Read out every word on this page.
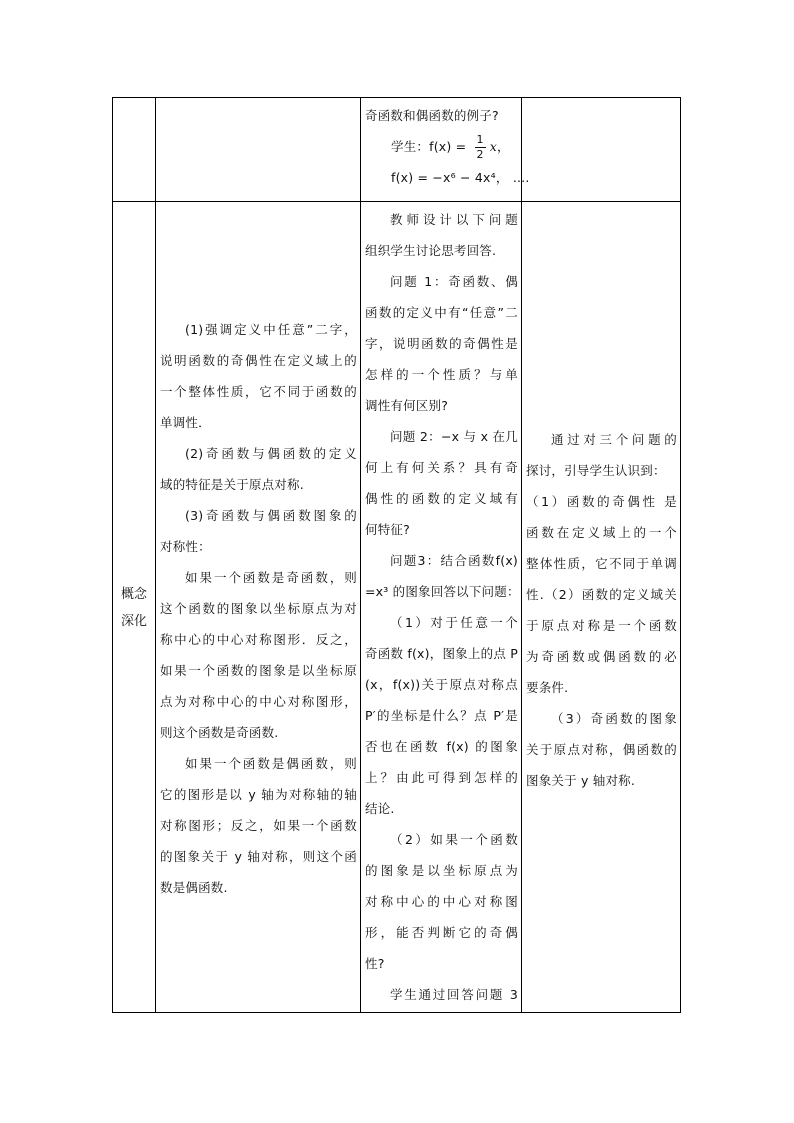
奇函数和偶函数的例子?

学生：$f(x) = \frac{1}{2}$ x，

f(x) = −x⁶ − 4x⁴， ….

概念
深化

(1)强调定义中任意”二字，

说明函数的奇偶性在定义域上的

一个整体性质，它不同于函数的

单调性．

(2)奇函数与偶函数的定义

域的特征是关于原点对称.

(3)奇函数与偶函数图象的

对称性：

如果一个函数是奇函数，则

这个函数的图象以坐标原点为对

称中心的中心对称图形．反之，

如果一个函数的图象是以坐标原

点为对称中心的中心对称图形，

则这个函数是奇函数.

如果一个函数是偶函数，则

它的图形是以 y 轴为对称轴的轴

对称图形；反之，如果一个函数

的图象关于 y 轴对称，则这个函

数是偶函数.

教师设计以下问题

组织学生讨论思考回答.

问题 1：奇函数、偶

函数的定义中有“任意”二

字，说明函数的奇偶性是

怎样的一个性质？与单

调性有何区别?

问题 2：−x 与 x 在几

何上有何关系？具有奇

偶性的函数的定义域有

何特征?

问题3：结合函数f(x)

=x³ 的图象回答以下问题：

（1）对于任意一个

奇函数 f(x)，图象上的点 P

(x，f(x))关于原点对称点

P′的坐标是什么？点 P′是

否也在函数 f(x) 的图象

上？由此可得到怎样的

结论.

（2）如果一个函数

的图象是以坐标原点为

对称中心的中心对称图

形，能否判断它的奇偶

性?

学生通过回答问题 3

通过对三个问题的

探讨，引导学生认识到：

（1）函数的奇偶性 是

函数在定义域上的一个

整体性质，它不同于单调

性.（2）函数的定义域关

于原点对称是一个函数

为奇函数或偶函数的必

要条件.

（3）奇函数的图象

关于原点对称，偶函数的

图象关于 y 轴对称.
